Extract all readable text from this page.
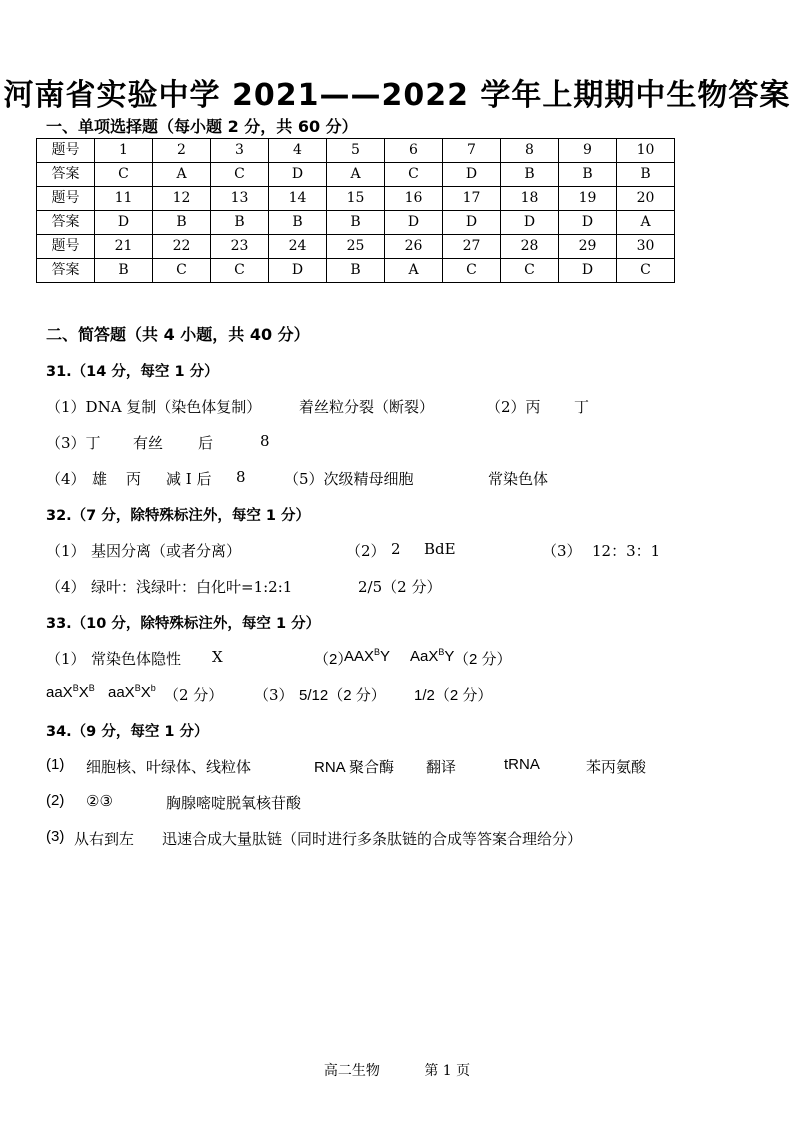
河南省实验中学 2021——2022 学年上期期中生物答案
一、单项选择题（每小题 2 分，共 60 分）
题号	1	2	3	4	5	6	7	8	9	10
答案	C	A	C	D	A	C	D	B	B	B
题号	11	12	13	14	15	16	17	18	19	20
答案	D	B	B	B	B	D	D	D	D	A
题号	21	22	23	24	25	26	27	28	29	30
答案	B	C	C	D	B	A	C	C	D	C
二、简答题（共 4 小题，共 40 分）
31.（14 分，每空 1 分）
（1）DNA 复制（染色体复制）	着丝粒分裂（断裂）	（2）丙 丁
（3）丁 有丝 后	8
（4） 雄 丙 减 I 后 8	（5）次级精母细胞	常染色体
32.（7 分，除特殊标注外，每空 1 分）
（1） 基因分离（或者分离）	（2） 2 BdE	（3） 12：3：1
（4） 绿叶：浅绿叶：白化叶=1:2:1	2/5（2 分）
33.（10 分，除特殊标注外，每空 1 分）
（1） 常染色体隐性 X	（2）
$AAX^BY$ AaX$^B$Y （2 分）
$aaX^BX^B$ $aaX^BX^b$ （2 分） （3） 5/12（2 分） 1/2（2 分）
34.（9 分，每空 1 分）
(1) 细胞核、叶绿体、线粒体	RNA 聚合酶 翻译	tRNA	苯丙氨酸
(2) ②③	胸腺嘧啶脱氧核苷酸
(3) 从右到左 迅速合成大量肽链（同时进行多条肽链的合成等答案合理给分）
高二生物	第 1 页
